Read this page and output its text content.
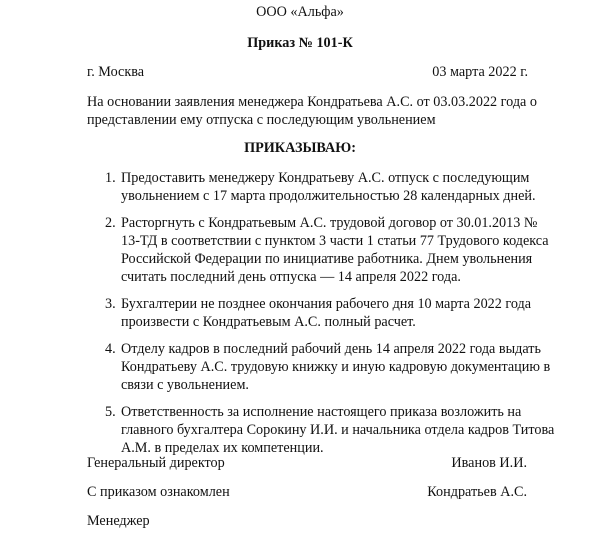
ООО «Альфа»
Приказ № 101-К
г. Москва	03 марта 2022 г.
На основании заявления менеджера Кондратьева А.С. от 03.03.2022 года о представлении ему отпуска с последующим увольнением
ПРИКАЗЫВАЮ:
1. Предоставить менеджеру Кондратьеву А.С. отпуск с последующим увольнением с 17 марта продолжительностью 28 календарных дней.
2. Расторгнуть с Кондратьевым А.С. трудовой договор от 30.01.2013 № 13-ТД в соответствии с пунктом 3 части 1 статьи 77 Трудового кодекса Российской Федерации по инициативе работника. Днем увольнения считать последний день отпуска — 14 апреля 2022 года.
3. Бухгалтерии не позднее окончания рабочего дня 10 марта 2022 года произвести с Кондратьевым А.С. полный расчет.
4. Отделу кадров в последний рабочий день 14 апреля 2022 года выдать Кондратьеву А.С. трудовую книжку и иную кадровую документацию в связи с увольнением.
5. Ответственность за исполнение настоящего приказа возложить на главного бухгалтера Сорокину И.И. и начальника отдела кадров Титова А.М. в пределах их компетенции.
Генеральный директор	Иванов И.И.
С приказом ознакомлен	Кондратьев А.С.
Менеджер
